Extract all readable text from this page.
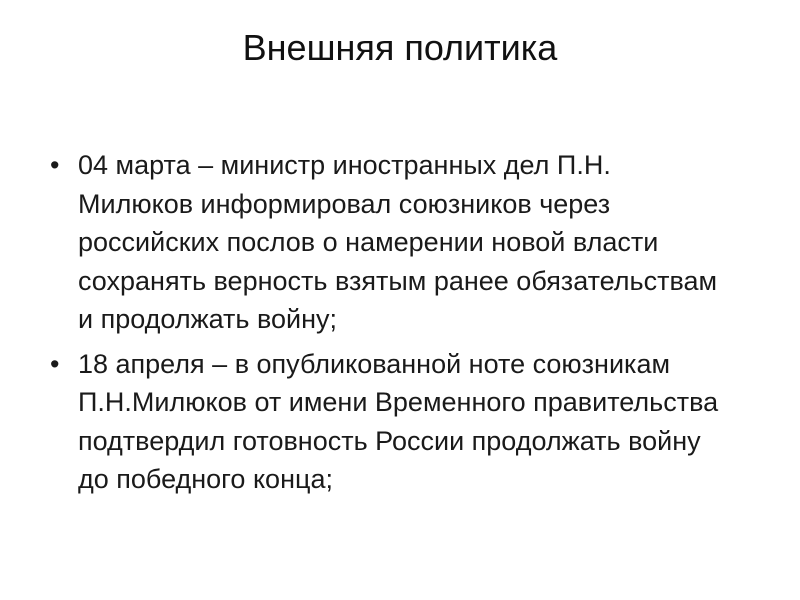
Внешняя политика
• 04 марта – министр иностранных дел П.Н. Милюков информировал союзников через российских послов о намерении новой власти сохранять верность взятым ранее обязательствам и продолжать войну;
• 18 апреля – в опубликованной ноте союзникам П.Н.Милюков от имени Временного правительства подтвердил готовность России продолжать войну до победного конца;
